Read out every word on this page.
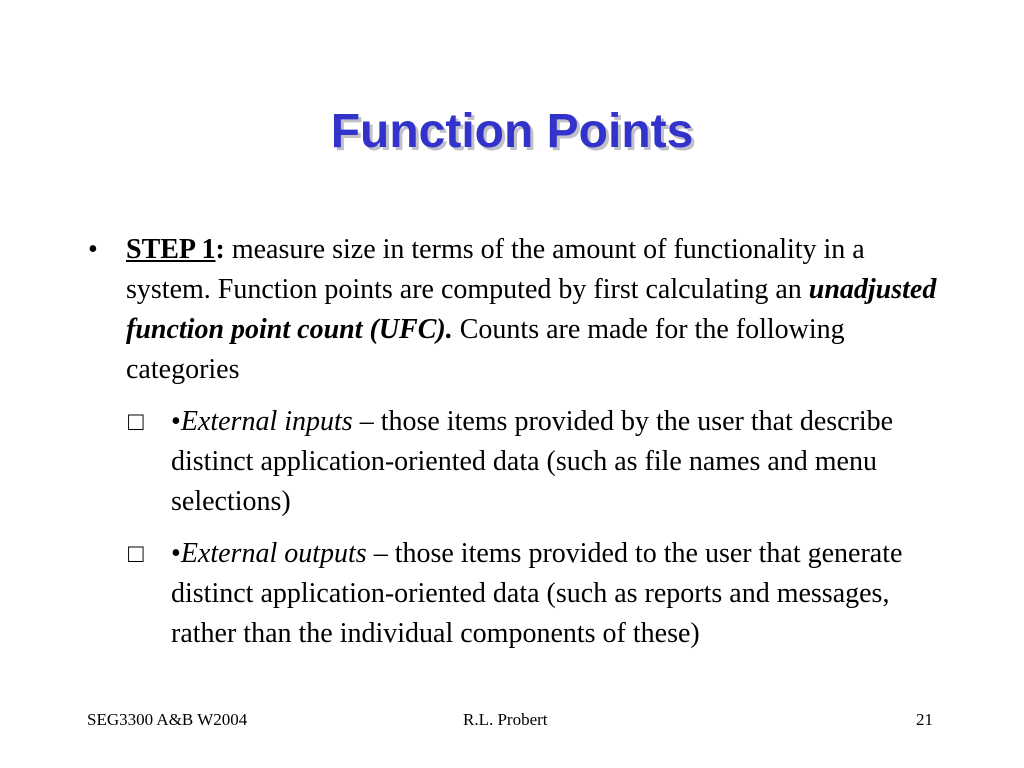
Function Points
• STEP 1: measure size in terms of the amount of functionality in a system. Function points are computed by first calculating an unadjusted function point count (UFC). Counts are made for the following categories
□ •External inputs – those items provided by the user that describe distinct application-oriented data (such as file names and menu selections)
□ •External outputs – those items provided to the user that generate distinct application-oriented data (such as reports and messages, rather than the individual components of these)
SEG3300 A&B W2004	R.L. Probert	21
